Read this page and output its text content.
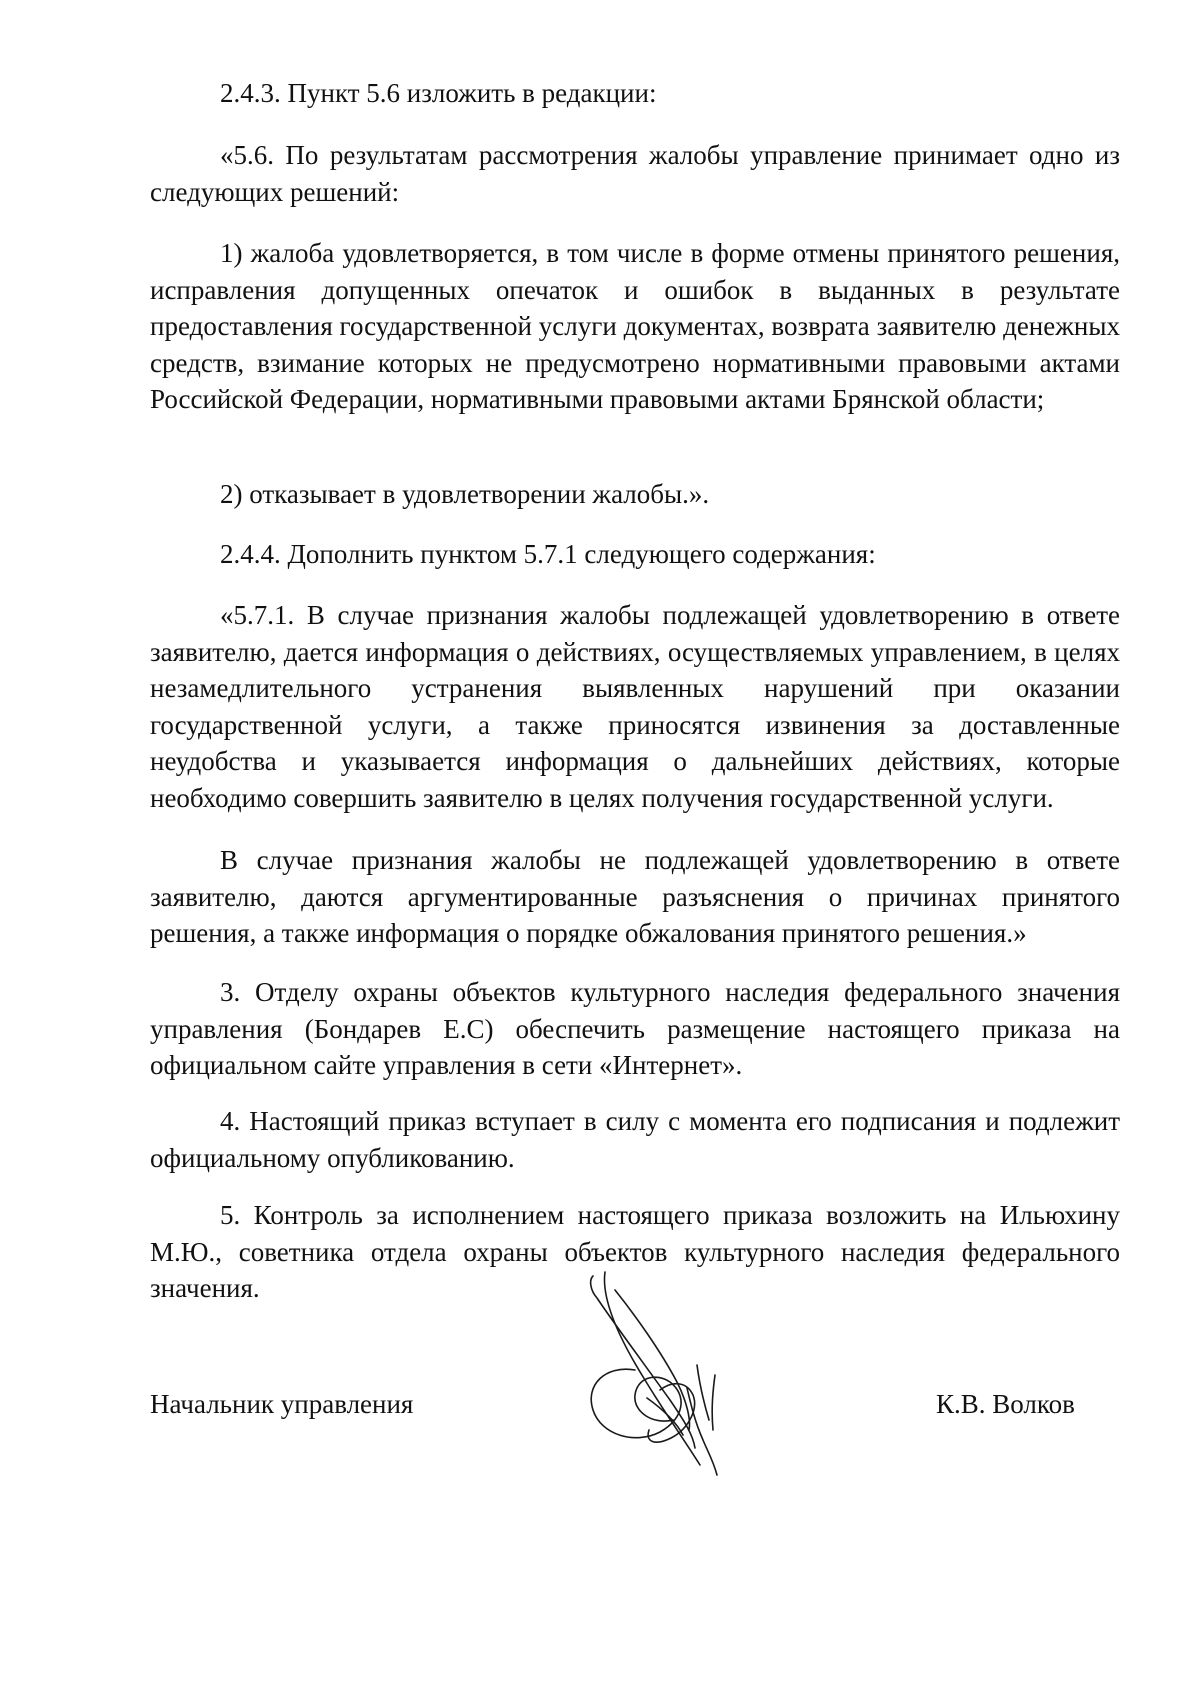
2.4.3. Пункт 5.6 изложить в редакции:

«5.6. По результатам рассмотрения жалобы управление принимает одно из следующих решений:

1) жалоба удовлетворяется, в том числе в форме отмены принятого решения, исправления допущенных опечаток и ошибок в выданных в результате предоставления государственной услуги документах, возврата заявителю денежных средств, взимание которых не предусмотрено нормативными правовыми актами Российской Федерации, нормативными правовыми актами Брянской области;

2) отказывает в удовлетворении жалобы.».

2.4.4. Дополнить пунктом 5.7.1 следующего содержания:

«5.7.1. В случае признания жалобы подлежащей удовлетворению в ответе заявителю, дается информация о действиях, осуществляемых управлением, в целях незамедлительного устранения выявленных нарушений при оказании государственной услуги, а также приносятся извинения за доставленные неудобства и указывается информация о дальнейших действиях, которые необходимо совершить заявителю в целях получения государственной услуги.

В случае признания жалобы не подлежащей удовлетворению в ответе заявителю, даются аргументированные разъяснения о причинах принятого решения, а также информация о порядке обжалования принятого решения.»

3. Отделу охраны объектов культурного наследия федерального значения управления (Бондарев Е.С) обеспечить размещение настоящего приказа на официальном сайте управления в сети «Интернет».

4. Настоящий приказ вступает в силу с момента его подписания и подлежит официальному опубликованию.

5. Контроль за исполнением настоящего приказа возложить на Ильюхину М.Ю., советника отдела охраны объектов культурного наследия федерального значения.

Начальник управления	К.В. Волков
